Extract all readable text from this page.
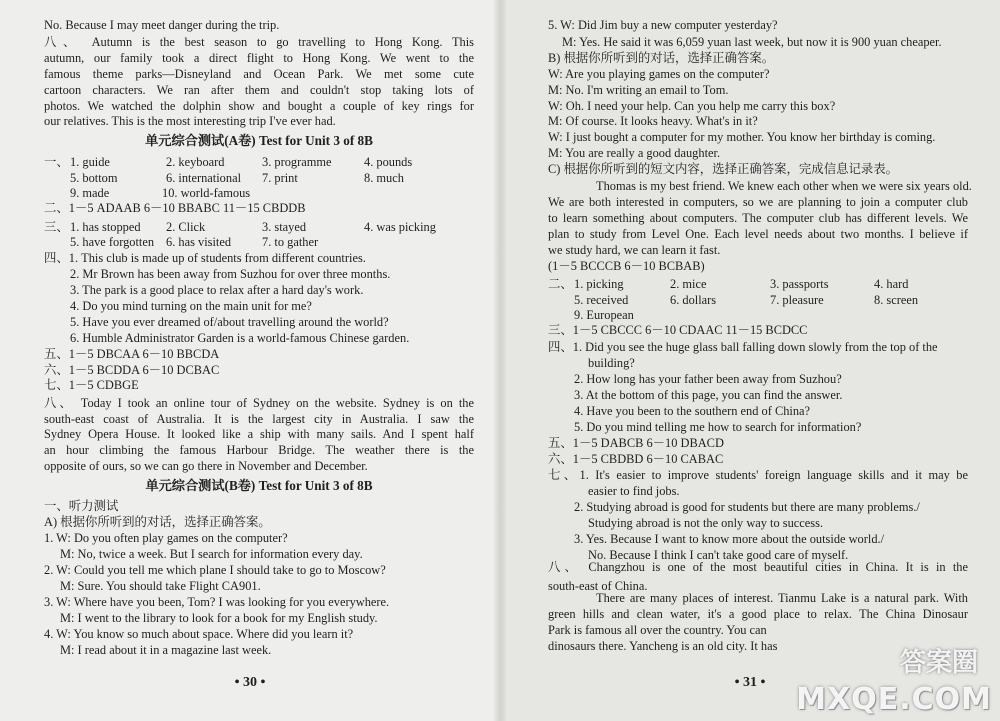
No. Because I may meet danger during the trip.
八、 Autumn is the best season to go travelling to Hong Kong. This
autumn, our family took a direct flight to Hong Kong. We went to the
famous theme parks—Disneyland and Ocean Park. We met some cute
cartoon characters. We ran after them and couldn't stop taking lots of
photos. We watched the dolphin show and bought a couple of key rings for
our relatives. This is the most interesting trip I've ever had.
单元综合测试(A卷) Test for Unit 3 of 8B
一、
二、1－5 ADAAB 6－10 BBABC 11－15 CBDDB
三、
四、1. This club is made up of students from different countries.
2. Mr Brown has been away from Suzhou for over three months.
3. The park is a good place to relax after a hard day's work.
4. Do you mind turning on the main unit for me?
5. Have you ever dreamed of/about travelling around the world?
6. Humble Administrator Garden is a world-famous Chinese garden.
五、1－5 DBCAA 6－10 BBCDA
六、1－5 BCDDA 6－10 DCBAC
七、1－5 CDBGE
八、 Today I took an online tour of Sydney on the website. Sydney is on the
south-east coast of Australia. It is the largest city in Australia. I saw the
Sydney Opera House. It looked like a ship with many sails. And I spent half
an hour climbing the famous Harbour Bridge. The weather there is the
opposite of ours, so we can go there in November and December.
单元综合测试(B卷) Test for Unit 3 of 8B
一、听力测试
A) 根据你所听到的对话，选择正确答案。
1. W: Do you often play games on the computer?
M: No, twice a week. But I search for information every day.
2. W: Could you tell me which plane I should take to go to Moscow?
M: Sure. You should take Flight CA901.
3. W: Where have you been, Tom? I was looking for you everywhere.
M: I went to the library to look for a book for my English study.
4. W: You know so much about space. Where did you learn it?
M: I read about it in a magazine last week.
1. guide	2. keyboard	3. programme	4. pounds
5. bottom	6. international 7. print	8. much
9. made	10. world-famous
1. has stopped 2. Click	3. stayed	4. was picking
5. have forgotten 6. has visited 7. to gather
• 30 •
5. W: Did Jim buy a new computer yesterday?
M: Yes. He said it was 6,059 yuan last week, but now it is 900 yuan cheaper.
B) 根据你所听到的对话，选择正确答案。
W: Are you playing games on the computer?
M: No. I'm writing an email to Tom.
W: Oh. I need your help. Can you help me carry this box?
M: Of course. It looks heavy. What's in it?
W: I just bought a computer for my mother. You know her birthday is coming.
M: You are really a good daughter.
C) 根据你所听到的短文内容，选择正确答案，完成信息记录表。
Thomas is my best friend. We knew each other when we were six years old.
We are both interested in computers, so we are planning to join a computer club
to learn something about computers. The computer club has different levels. We
plan to study from Level One. Each level needs about two months. I believe if
we study hard, we can learn it fast.
(1－5 BCCCB 6－10 BCBAB)
二、
三、1－5 CBCCC 6－10 CDAAC 11－15 BCDCC
四、1. Did you see the huge glass ball falling down slowly from the top of the
building?
2. How long has your father been away from Suzhou?
3. At the bottom of this page, you can find the answer.
4. Have you been to the southern end of China?
5. Do you mind telling me how to search for information?
五、1－5 DABCB 6－10 DBACD
六、1－5 CBDBD 6－10 CABAC
七、1. It's easier to improve students' foreign language skills and it may be
easier to find jobs.
2. Studying abroad is good for students but there are many problems./
Studying abroad is not the only way to success.
3. Yes. Because I want to know more about the outside world./
No. Because I think I can't take good care of myself.
八、 Changzhou is one of the most beautiful cities in China. It is in the
south-east of China.
There are many places of interest. Tianmu Lake is a natural park. With
green hills and clean water, it's a good place to relax. The China Dinosaur
Park is famous all over the country. You can
dinosaurs there. Yancheng is an old city. It has
1. picking	2. mice	3. passports	4. hard
5. received	6. dollars	7. pleasure	8. screen
9. European
• 31 •
答案圈
MXQE.COM
